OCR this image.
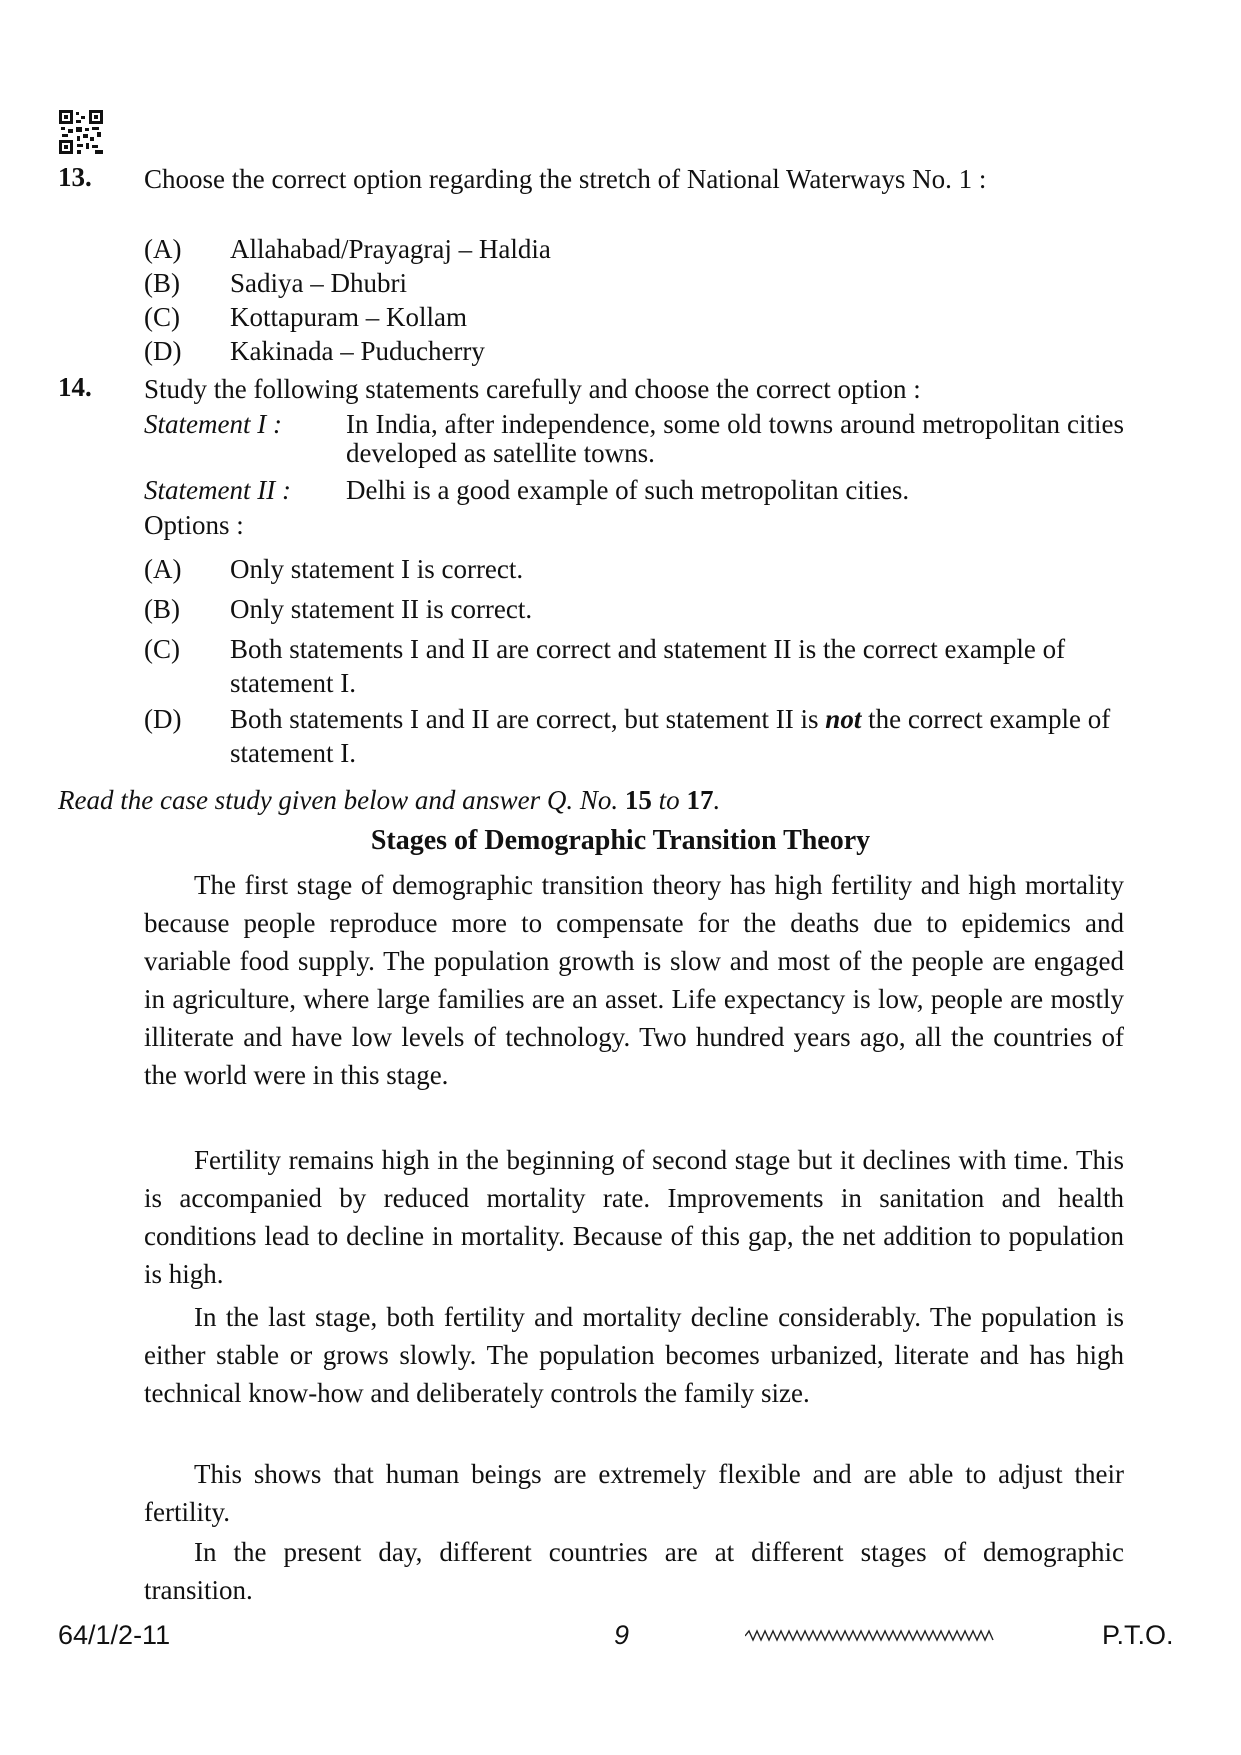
13. Choose the correct option regarding the stretch of National Waterways No. 1 :
(A) Allahabad/Prayagraj – Haldia
(B) Sadiya – Dhubri
(C) Kottapuram – Kollam
(D) Kakinada – Puducherry
14. Study the following statements carefully and choose the correct option :
Statement I : In India, after independence, some old towns around metropolitan cities developed as satellite towns.
Statement II : Delhi is a good example of such metropolitan cities.
Options :
(A) Only statement I is correct.
(B) Only statement II is correct.
(C) Both statements I and II are correct and statement II is the correct example of statement I.
(D) Both statements I and II are correct, but statement II is not the correct example of statement I.
Read the case study given below and answer Q. No. 15 to 17.
Stages of Demographic Transition Theory

The first stage of demographic transition theory has high fertility and high mortality because people reproduce more to compensate for the deaths due to epidemics and variable food supply. The population growth is slow and most of the people are engaged in agriculture, where large families are an asset. Life expectancy is low, people are mostly illiterate and have low levels of technology. Two hundred years ago, all the countries of the world were in this stage.

Fertility remains high in the beginning of second stage but it declines with time. This is accompanied by reduced mortality rate. Improvements in sanitation and health conditions lead to decline in mortality. Because of this gap, the net addition to population is high.

In the last stage, both fertility and mortality decline considerably. The population is either stable or grows slowly. The population becomes urbanized, literate and has high technical know-how and deliberately controls the family size.

This shows that human beings are extremely flexible and are able to adjust their fertility.

In the present day, different countries are at different stages of demographic transition.

64/1/2-11	9	P.T.O.
